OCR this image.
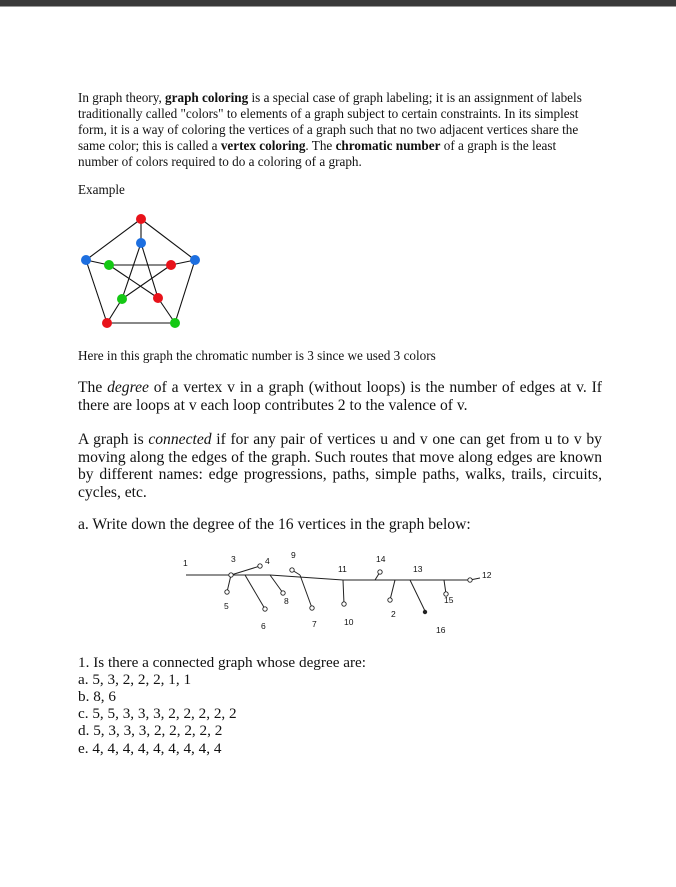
In graph theory, graph coloring is a special case of graph labeling; it is an assignment of labels traditionally called "colors" to elements of a graph subject to certain constraints. In its simplest form, it is a way of coloring the vertices of a graph such that no two adjacent vertices share the same color; this is called a vertex coloring. The chromatic number of a graph is the least number of colors required to do a coloring of a graph.

Example

Here in this graph the chromatic number is 3 since we used 3 colors

The degree of a vertex v in a graph (without loops) is the number of edges at v. If there are loops at v each loop contributes 2 to the valence of v.

A graph is connected if for any pair of vertices u and v one can get from u to v by moving along the edges of the graph. Such routes that move along edges are known by different names: edge progressions, paths, simple paths, walks, trails, circuits, cycles, etc.

a. Write down the degree of the 16 vertices in the graph below:

1	3	4
5
6
8
9
7
11
10
14
2
13
15
16
12

1. Is there a connected graph whose degree are:

a. 5, 3, 2, 2, 2, 1, 1

b. 8, 6

c. 5, 5, 3, 3, 3, 2, 2, 2, 2, 2

d. 5, 3, 3, 3, 2, 2, 2, 2, 2

e. 4, 4, 4, 4, 4, 4, 4, 4, 4
